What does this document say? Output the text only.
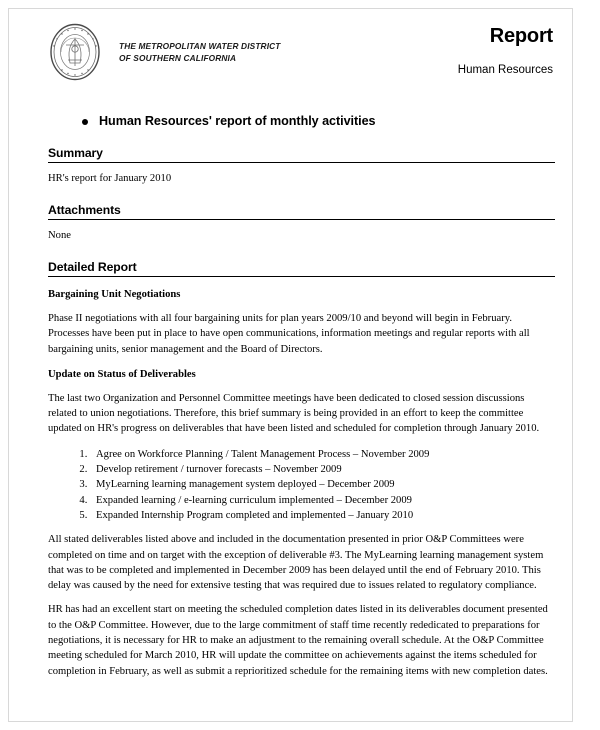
THE METROPOLITAN WATER DISTRICT
OF SOUTHERN CALIFORNIA
Report
Human Resources
Human Resources' report of monthly activities
Summary
HR's report for January 2010
Attachments
None
Detailed Report
Bargaining Unit Negotiations
Phase II negotiations with all four bargaining units for plan years 2009/10 and beyond will begin in February. Processes have been put in place to have open communications, information meetings and regular reports with all bargaining units, senior management and the Board of Directors.
Update on Status of Deliverables
The last two Organization and Personnel Committee meetings have been dedicated to closed session discussions related to union negotiations. Therefore, this brief summary is being provided in an effort to keep the committee updated on HR's progress on deliverables that have been listed and scheduled for completion through January 2010.
1. Agree on Workforce Planning / Talent Management Process – November 2009
2. Develop retirement / turnover forecasts – November 2009
3. MyLearning learning management system deployed – December 2009
4. Expanded learning / e-learning curriculum implemented – December 2009
5. Expanded Internship Program completed and implemented – January 2010
All stated deliverables listed above and included in the documentation presented in prior O&P Committees were completed on time and on target with the exception of deliverable #3. The MyLearning learning management system that was to be completed and implemented in December 2009 has been delayed until the end of February 2010. This delay was caused by the need for extensive testing that was required due to issues related to regulatory compliance.
HR has had an excellent start on meeting the scheduled completion dates listed in its deliverables document presented to the O&P Committee. However, due to the large commitment of staff time recently rededicated to preparations for negotiations, it is necessary for HR to make an adjustment to the remaining overall schedule. At the O&P Committee meeting scheduled for March 2010, HR will update the committee on achievements against the items scheduled for completion in February, as well as submit a reprioritized schedule for the remaining items with new completion dates.
